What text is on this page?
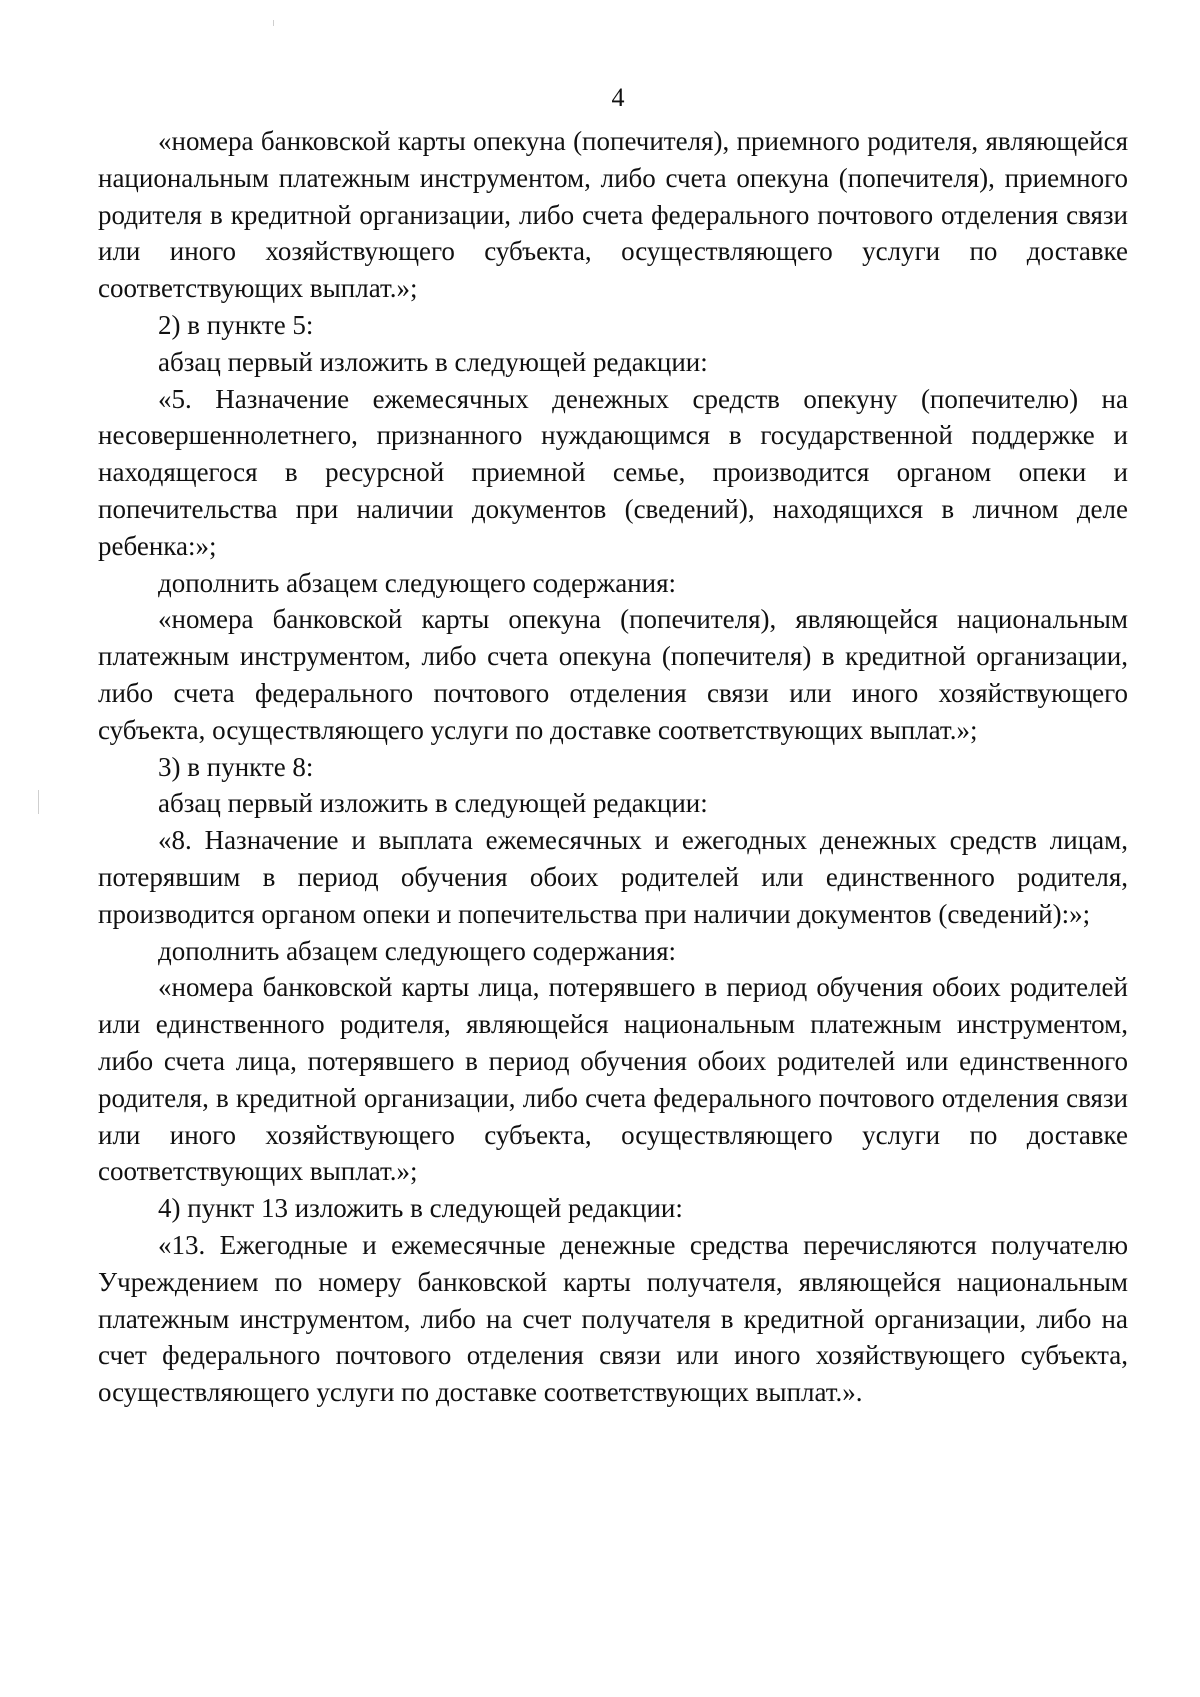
4

«номера банковской карты опекуна (попечителя), приемного родителя, являющейся национальным платежным инструментом, либо счета опекуна (попечителя), приемного родителя в кредитной организации, либо счета федерального почтового отделения связи или иного хозяйствующего субъекта, осуществляющего услуги по доставке соответствующих выплат.»;

2) в пункте 5:

абзац первый изложить в следующей редакции:

«5. Назначение ежемесячных денежных средств опекуну (попечителю) на несовершеннолетнего, признанного нуждающимся в государственной поддержке и находящегося в ресурсной приемной семье, производится органом опеки и попечительства при наличии документов (сведений), находящихся в личном деле ребенка:»;

дополнить абзацем следующего содержания:

«номера банковской карты опекуна (попечителя), являющейся национальным платежным инструментом, либо счета опекуна (попечителя) в кредитной организации, либо счета федерального почтового отделения связи или иного хозяйствующего субъекта, осуществляющего услуги по доставке соответствующих выплат.»;

3) в пункте 8:

абзац первый изложить в следующей редакции:

«8. Назначение и выплата ежемесячных и ежегодных денежных средств лицам, потерявшим в период обучения обоих родителей или единственного родителя, производится органом опеки и попечительства при наличии документов (сведений):»;

дополнить абзацем следующего содержания:

«номера банковской карты лица, потерявшего в период обучения обоих родителей или единственного родителя, являющейся национальным платежным инструментом, либо счета лица, потерявшего в период обучения обоих родителей или единственного родителя, в кредитной организации, либо счета федерального почтового отделения связи или иного хозяйствующего субъекта, осуществляющего услуги по доставке соответствующих выплат.»;

4) пункт 13 изложить в следующей редакции:

«13. Ежегодные и ежемесячные денежные средства перечисляются получателю Учреждением по номеру банковской карты получателя, являющейся национальным платежным инструментом, либо на счет получателя в кредитной организации, либо на счет федерального почтового отделения связи или иного хозяйствующего субъекта, осуществляющего услуги по доставке соответствующих выплат.».
